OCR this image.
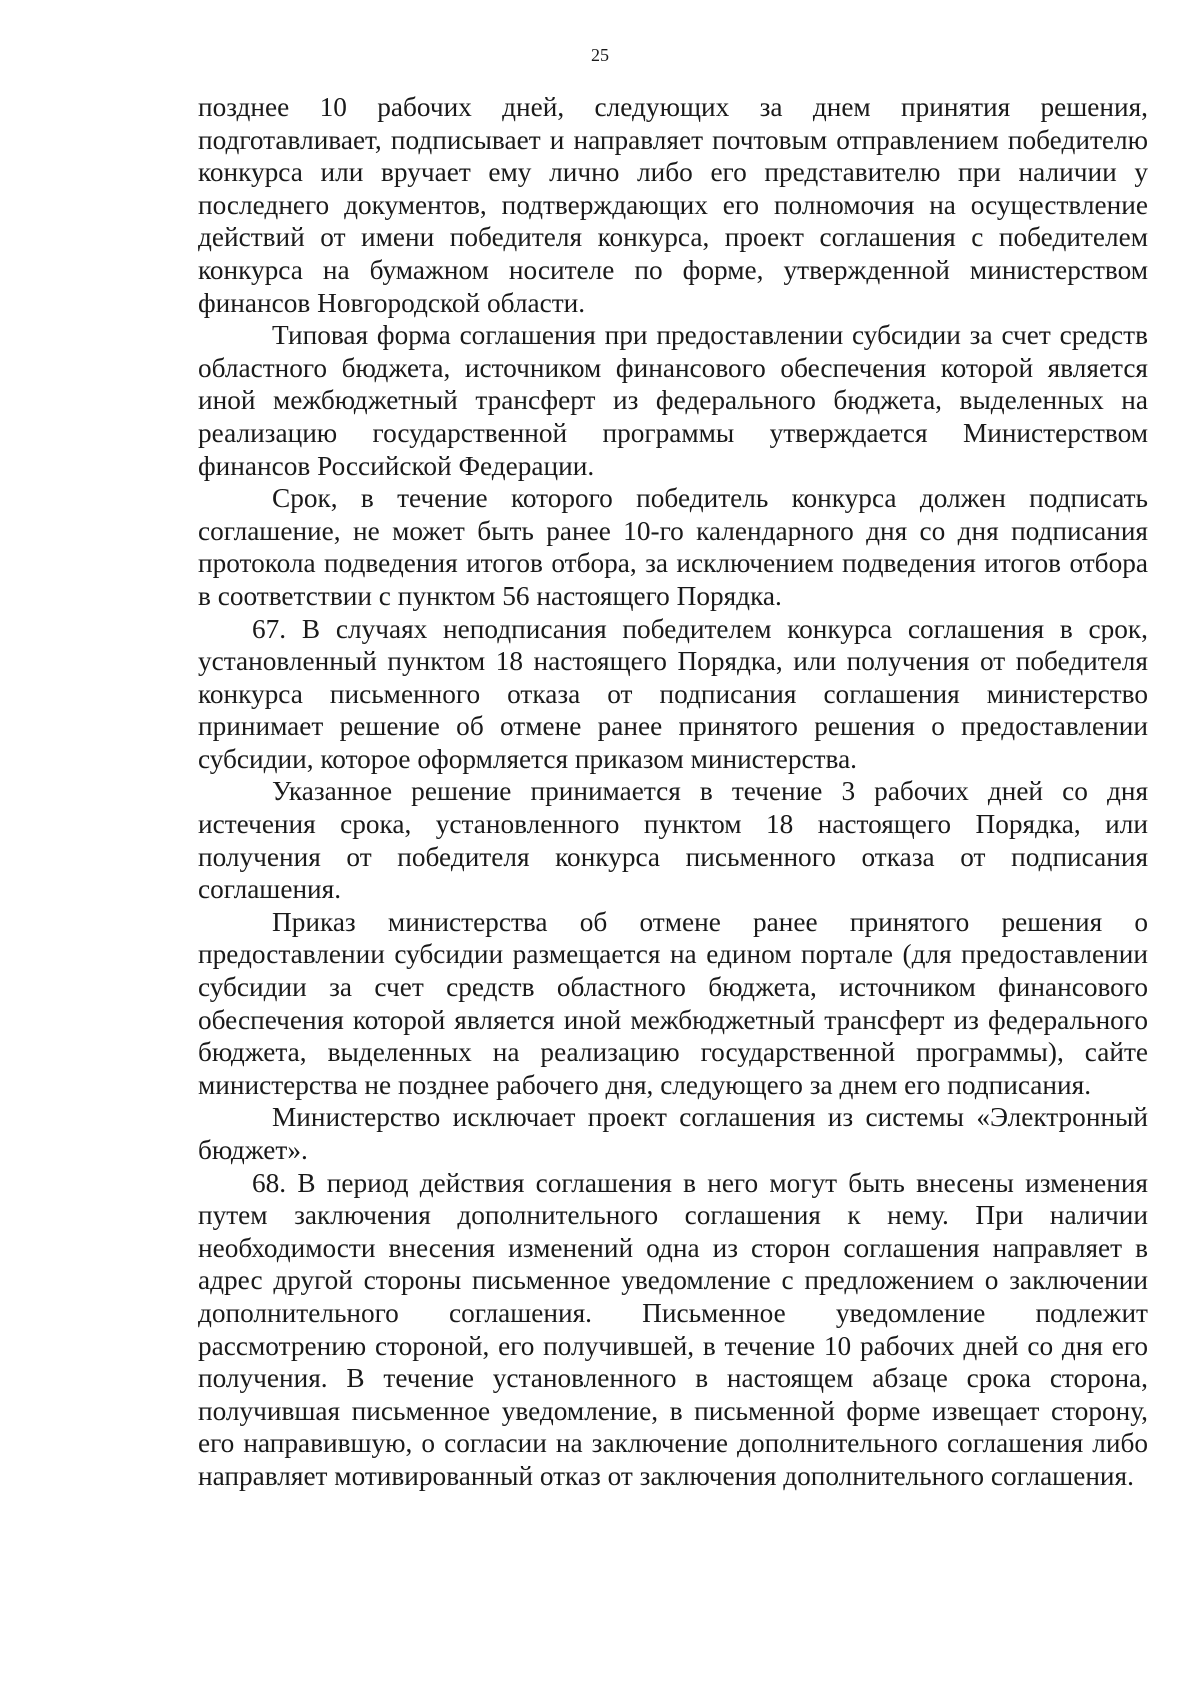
25

позднее 10 рабочих дней, следующих за днем принятия решения, подготавливает, подписывает и направляет почтовым отправлением победителю конкурса или вручает ему лично либо его представителю при наличии у последнего документов, подтверждающих его полномочия на осуществление действий от имени победителя конкурса, проект соглашения с победителем конкурса на бумажном носителе по форме, утвержденной министерством финансов Новгородской области.

Типовая форма соглашения при предоставлении субсидии за счет средств областного бюджета, источником финансового обеспечения которой является иной межбюджетный трансферт из федерального бюджета, выделенных на реализацию государственной программы утверждается Министерством финансов Российской Федерации.

Срок, в течение которого победитель конкурса должен подписать соглашение, не может быть ранее 10-го календарного дня со дня подписания протокола подведения итогов отбора, за исключением подведения итогов отбора в соответствии с пунктом 56 настоящего Порядка.

67. В случаях неподписания победителем конкурса соглашения в срок, установленный пунктом 18 настоящего Порядка, или получения от победителя конкурса письменного отказа от подписания соглашения министерство принимает решение об отмене ранее принятого решения о предоставлении субсидии, которое оформляется приказом министерства.

Указанное решение принимается в течение 3 рабочих дней со дня истечения срока, установленного пунктом 18 настоящего Порядка, или получения от победителя конкурса письменного отказа от подписания соглашения.

Приказ министерства об отмене ранее принятого решения о предоставлении субсидии размещается на едином портале (для предоставлении субсидии за счет средств областного бюджета, источником финансового обеспечения которой является иной межбюджетный трансферт из федерального бюджета, выделенных на реализацию государственной программы), сайте министерства не позднее рабочего дня, следующего за днем его подписания.

Министерство исключает проект соглашения из системы «Электронный бюджет».

68. В период действия соглашения в него могут быть внесены изменения путем заключения дополнительного соглашения к нему. При наличии необходимости внесения изменений одна из сторон соглашения направляет в адрес другой стороны письменное уведомление с предложением о заключении дополнительного соглашения. Письменное уведомление подлежит рассмотрению стороной, его получившей, в течение 10 рабочих дней со дня его получения. В течение установленного в настоящем абзаце срока сторона, получившая письменное уведомление, в письменной форме извещает сторону, его направившую, о согласии на заключение дополнительного соглашения либо направляет мотивированный отказ от заключения дополнительного соглашения.
